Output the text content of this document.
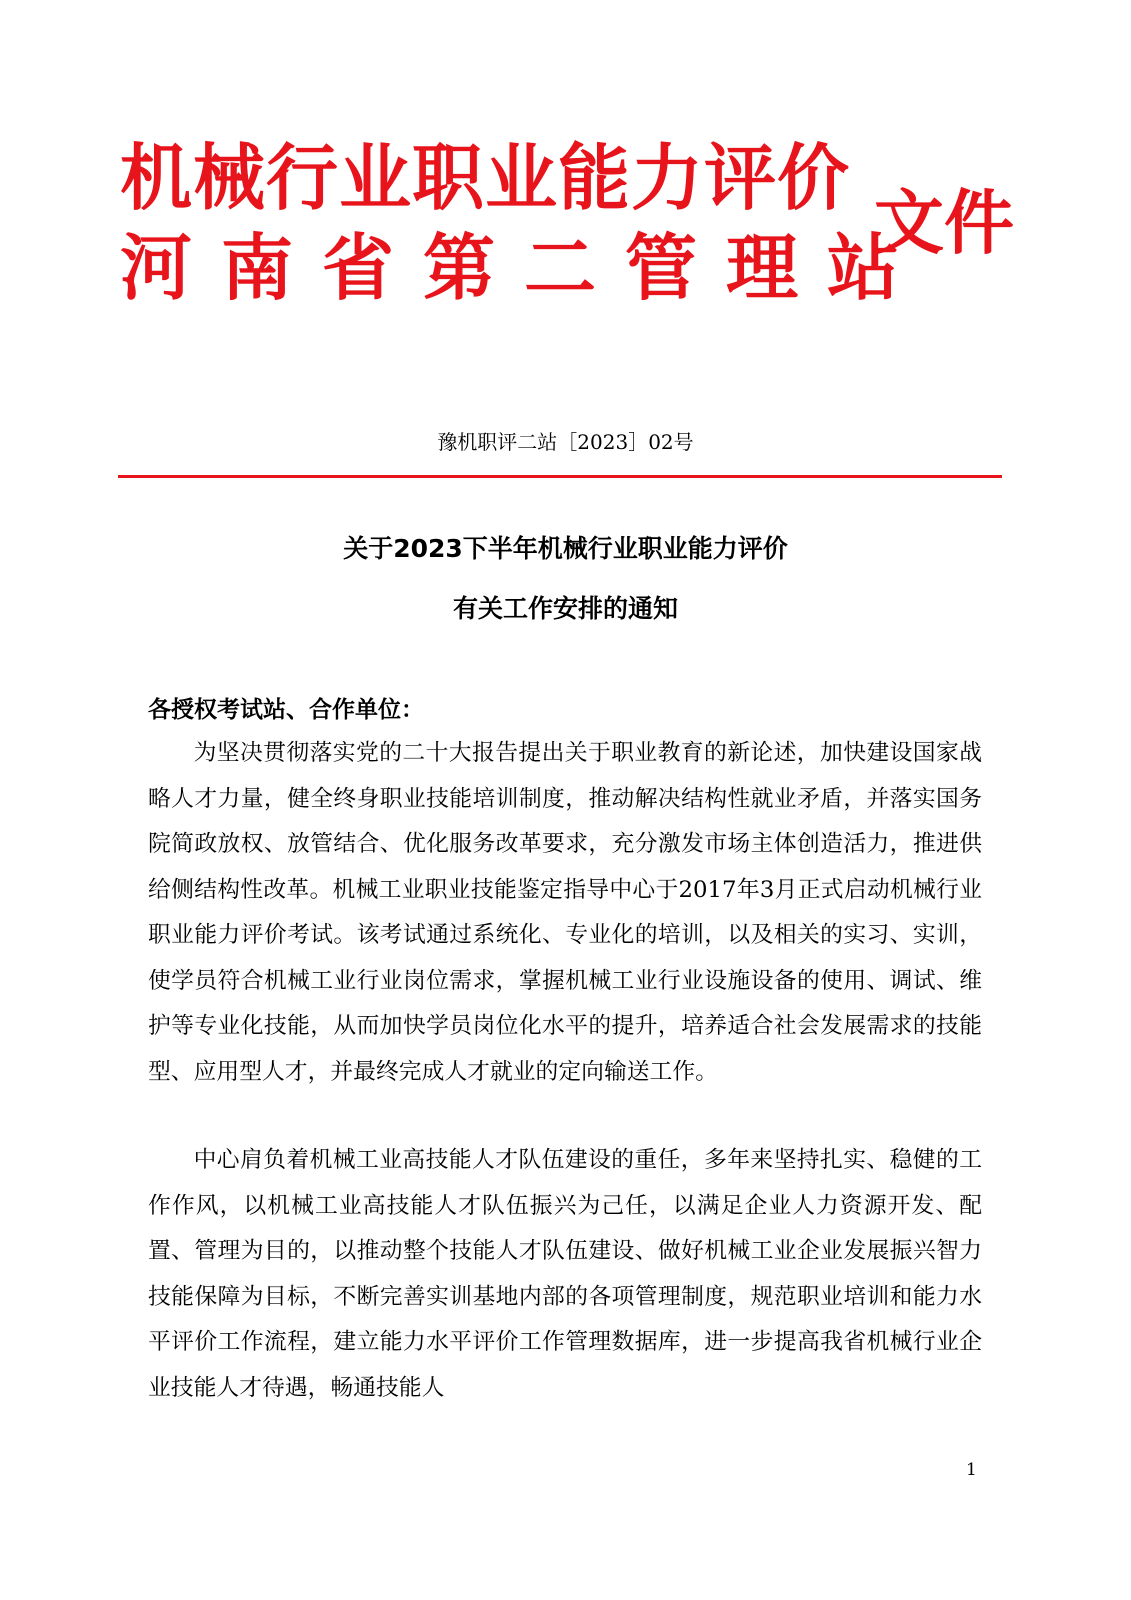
机械行业职业能力评价
河南省第二管理站
文件
豫机职评二站［2023］02号
关于2023下半年机械行业职业能力评价
有关工作安排的通知
各授权考试站、合作单位：

为坚决贯彻落实党的二十大报告提出关于职业教育的新论述，加快建设国家战略人才力量，健全终身职业技能培训制度，推动解决结构性就业矛盾，并落实国务院简政放权、放管结合、优化服务改革要求，充分激发市场主体创造活力，推进供给侧结构性改革。机械工业职业技能鉴定指导中心于2017年3月正式启动机械行业职业能力评价考试。该考试通过系统化、专业化的培训，以及相关的实习、实训，使学员符合机械工业行业岗位需求，掌握机械工业行业设施设备的使用、调试、维护等专业化技能，从而加快学员岗位化水平的提升，培养适合社会发展需求的技能型、应用型人才，并最终完成人才就业的定向输送工作。

中心肩负着机械工业高技能人才队伍建设的重任，多年来坚持扎实、稳健的工作作风，以机械工业高技能人才队伍振兴为己任，以满足企业人力资源开发、配置、管理为目的，以推动整个技能人才队伍建设、做好机械工业企业发展振兴智力技能保障为目标，不断完善实训基地内部的各项管理制度，规范职业培训和能力水平评价工作流程，建立能力水平评价工作管理数据库，进一步提高我省机械行业企业技能人才待遇，畅通技能人

1
